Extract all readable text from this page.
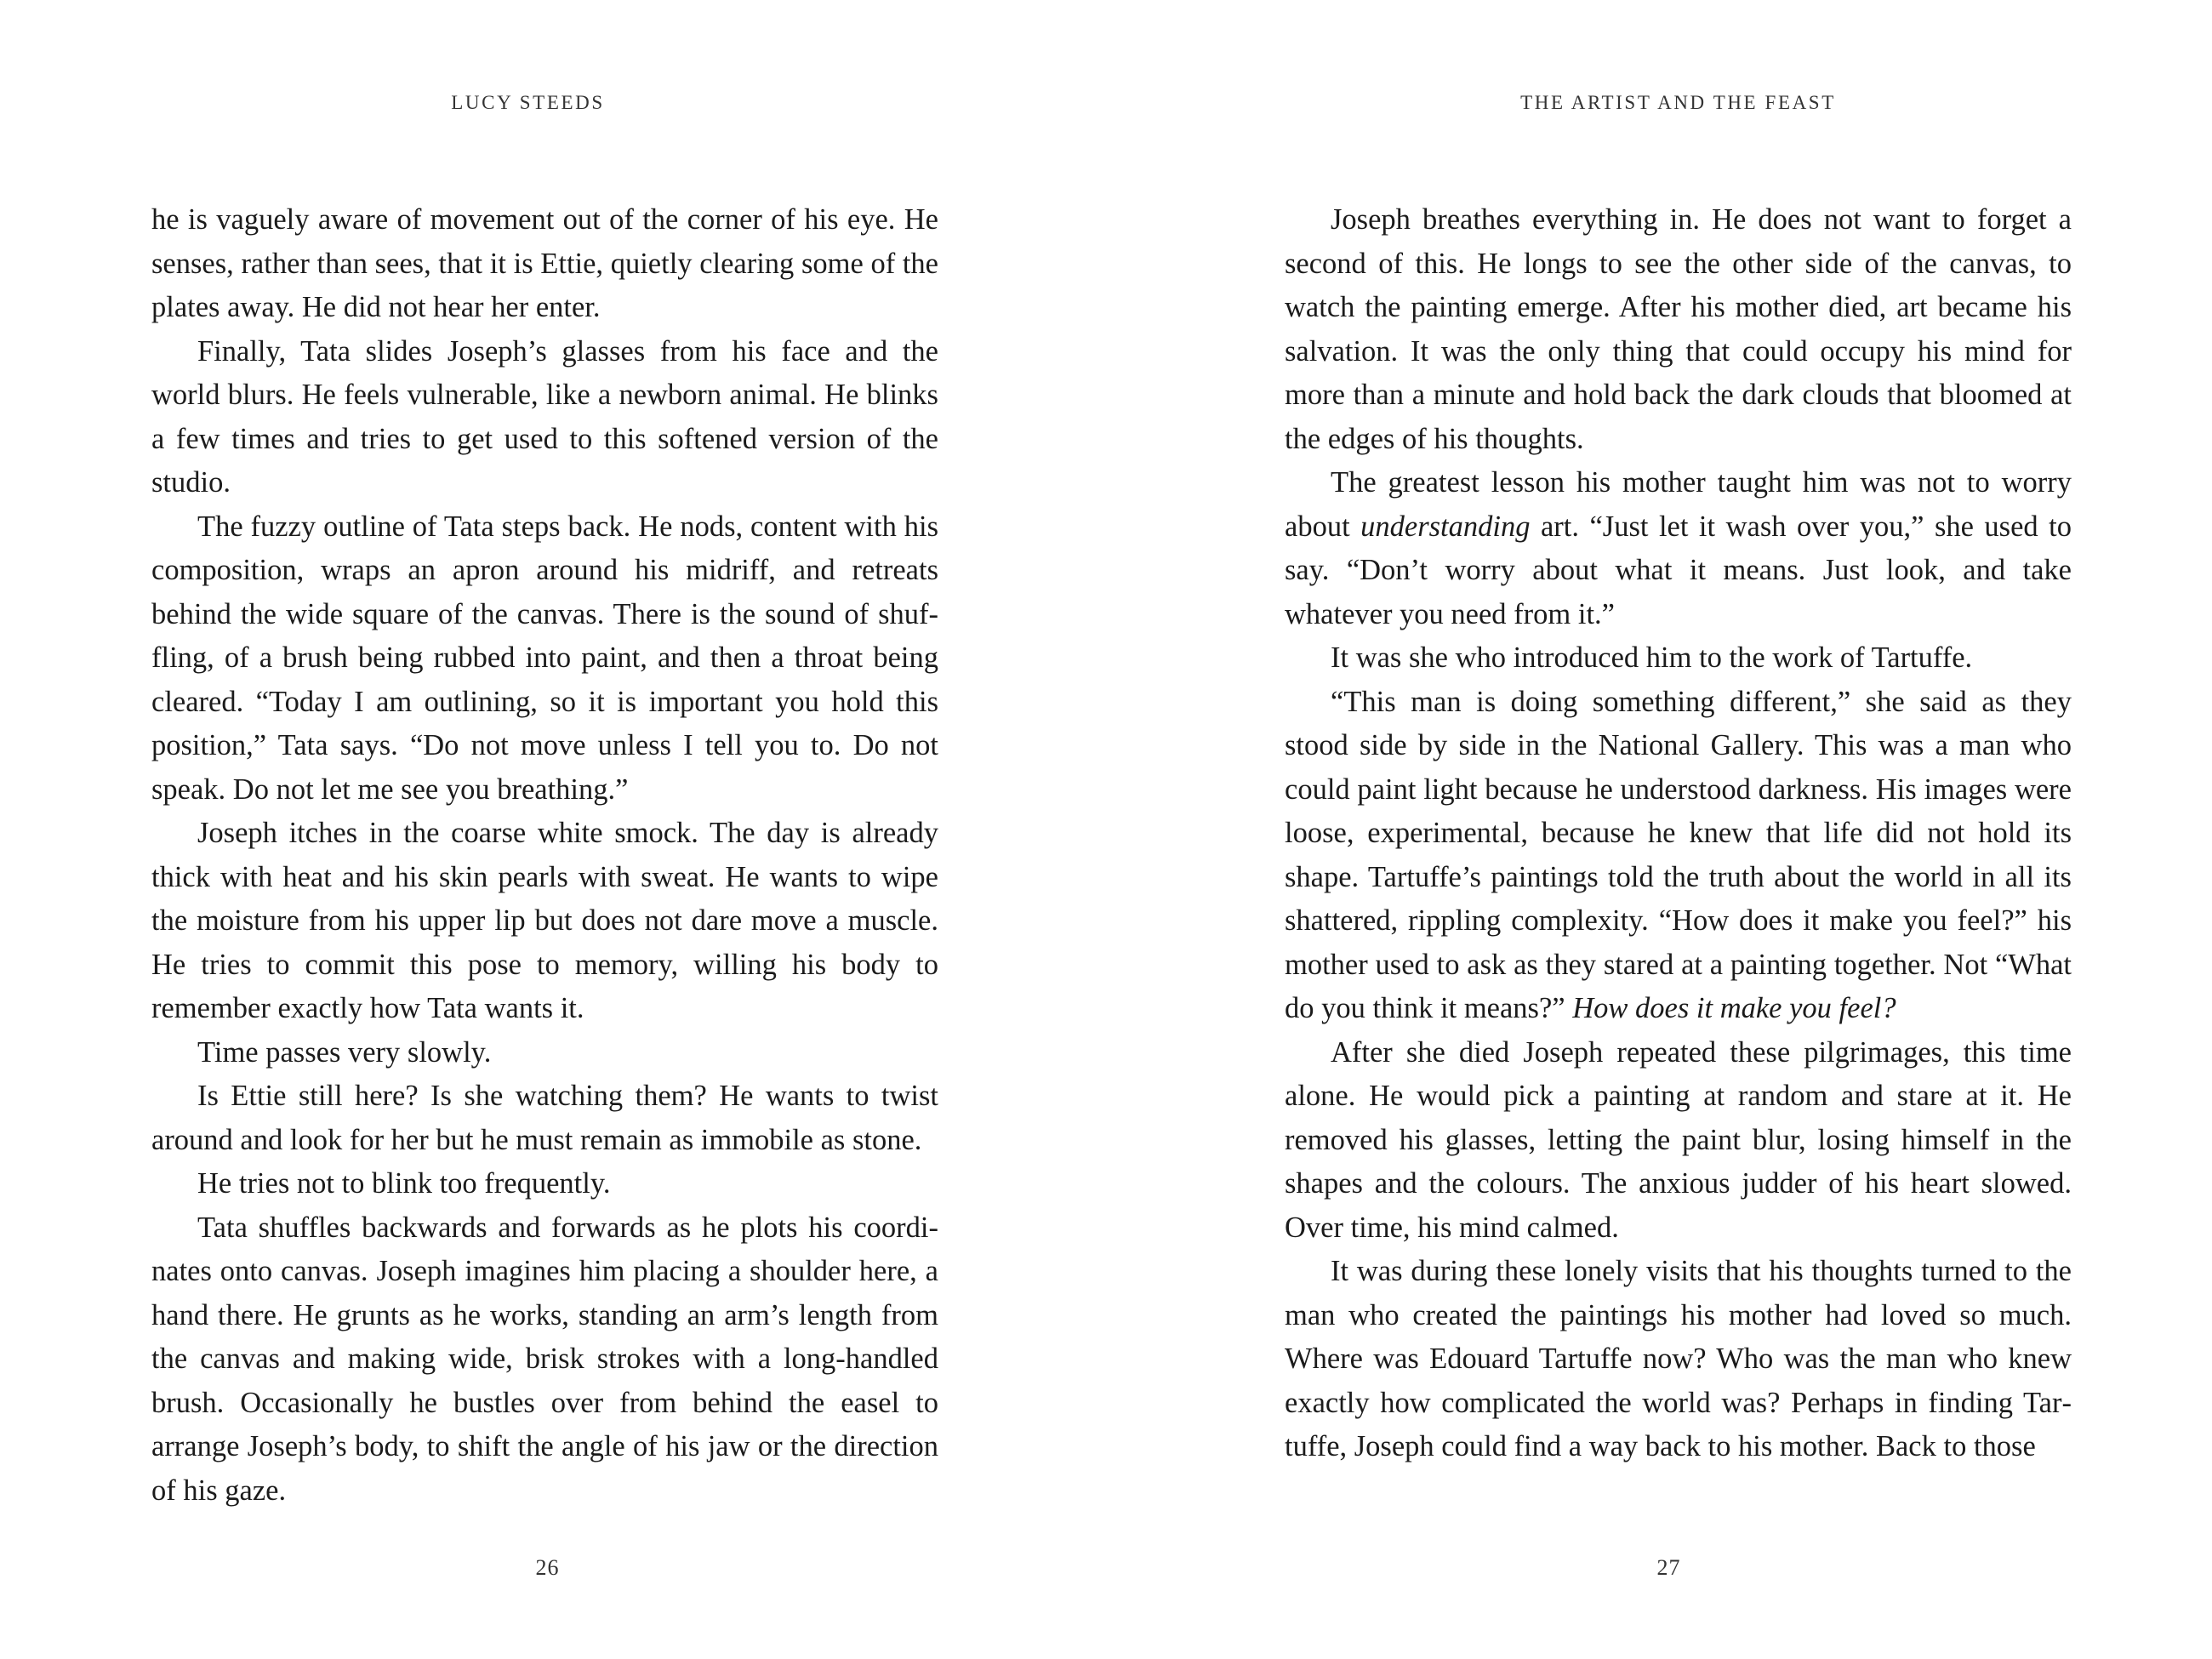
LUCY STEEDS

he is vaguely aware of movement out of the corner of his eye. He senses, rather than sees, that it is Ettie, quietly clearing some of the plates away. He did not hear her enter.

Finally, Tata slides Joseph’s glasses from his face and the world blurs. He feels vulnerable, like a newborn animal. He blinks a few times and tries to get used to this softened version of the studio.

The fuzzy outline of Tata steps back. He nods, content with his composition, wraps an apron around his midriff, and retreats behind the wide square of the canvas. There is the sound of shuffling, of a brush being rubbed into paint, and then a throat being cleared. “Today I am outlining, so it is important you hold this position,” Tata says. “Do not move unless I tell you to. Do not speak. Do not let me see you breathing.”

Joseph itches in the coarse white smock. The day is already thick with heat and his skin pearls with sweat. He wants to wipe the moisture from his upper lip but does not dare move a muscle. He tries to commit this pose to memory, willing his body to remember exactly how Tata wants it.

Time passes very slowly.

Is Ettie still here? Is she watching them? He wants to twist around and look for her but he must remain as immobile as stone.

He tries not to blink too frequently.

Tata shuffles backwards and forwards as he plots his coordinates onto canvas. Joseph imagines him placing a shoulder here, a hand there. He grunts as he works, standing an arm’s length from the canvas and making wide, brisk strokes with a long-handled brush. Occasionally he bustles over from behind the easel to arrange Joseph’s body, to shift the angle of his jaw or the direction of his gaze.

26
THE ARTIST AND THE FEAST

Joseph breathes everything in. He does not want to forget a second of this. He longs to see the other side of the canvas, to watch the painting emerge. After his mother died, art became his salvation. It was the only thing that could occupy his mind for more than a minute and hold back the dark clouds that bloomed at the edges of his thoughts.

The greatest lesson his mother taught him was not to worry about understanding art. “Just let it wash over you,” she used to say. “Don’t worry about what it means. Just look, and take whatever you need from it.”

It was she who introduced him to the work of Tartuffe.

“This man is doing something different,” she said as they stood side by side in the National Gallery. This was a man who could paint light because he understood darkness. His images were loose, experimental, because he knew that life did not hold its shape. Tartuffe’s paintings told the truth about the world in all its shattered, rippling complexity. “How does it make you feel?” his mother used to ask as they stared at a painting together. Not “What do you think it means?” How does it make you feel?

After she died Joseph repeated these pilgrimages, this time alone. He would pick a painting at random and stare at it. He removed his glasses, letting the paint blur, losing himself in the shapes and the colours. The anxious judder of his heart slowed. Over time, his mind calmed.

It was during these lonely visits that his thoughts turned to the man who created the paintings his mother had loved so much. Where was Edouard Tartuffe now? Who was the man who knew exactly how complicated the world was? Perhaps in finding Tartuffe, Joseph could find a way back to his mother. Back to those

27
